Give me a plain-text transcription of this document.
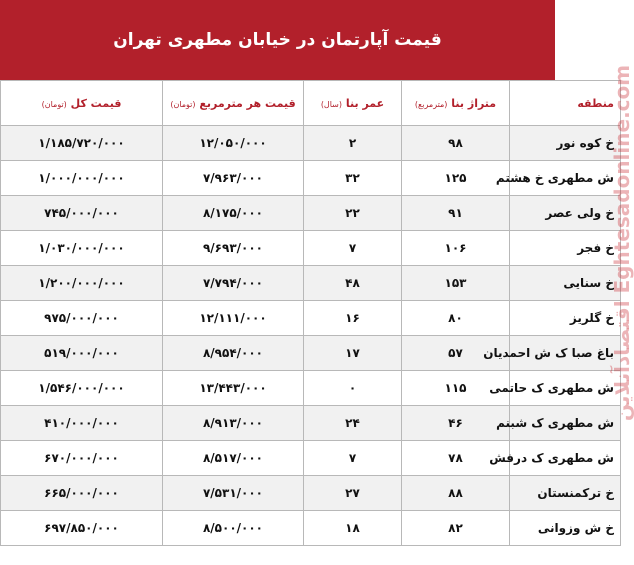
قیمت آپارتمان در خیابان مطهری تهران
منطقه	متراژ بنا (مترمربع)	عمر بنا (سال)	قیمت هر مترمربع (تومان)	قیمت کل (تومان)
خ کوه نور	۹۸	۲	۱۲/۰۵۰/۰۰۰	۱/۱۸۵/۷۲۰/۰۰۰
ش مطهری خ هشتم	۱۲۵	۳۲	۷/۹۶۳/۰۰۰	۱/۰۰۰/۰۰۰/۰۰۰
خ ولی عصر	۹۱	۲۲	۸/۱۷۵/۰۰۰	۷۴۵/۰۰۰/۰۰۰
خ فجر	۱۰۶	۷	۹/۶۹۳/۰۰۰	۱/۰۳۰/۰۰۰/۰۰۰
خ سنایی	۱۵۳	۴۸	۷/۷۹۴/۰۰۰	۱/۲۰۰/۰۰۰/۰۰۰
خ گلریز	۸۰	۱۶	۱۲/۱۱۱/۰۰۰	۹۷۵/۰۰۰/۰۰۰
باغ صبا ک ش احمدیان	۵۷	۱۷	۸/۹۵۴/۰۰۰	۵۱۹/۰۰۰/۰۰۰
ش مطهری ک حاتمی	۱۱۵	۰	۱۳/۴۴۳/۰۰۰	۱/۵۴۶/۰۰۰/۰۰۰
ش مطهری ک شبنم	۴۶	۲۴	۸/۹۱۳/۰۰۰	۴۱۰/۰۰۰/۰۰۰
ش مطهری ک درفش	۷۸	۷	۸/۵۱۷/۰۰۰	۶۷۰/۰۰۰/۰۰۰
خ ترکمنستان	۸۸	۲۷	۷/۵۳۱/۰۰۰	۶۶۵/۰۰۰/۰۰۰
خ ش وزوانی	۸۲	۱۸	۸/۵۰۰/۰۰۰	۶۹۷/۸۵۰/۰۰۰
اقتصادآنلاین Eghtesadonline.com
